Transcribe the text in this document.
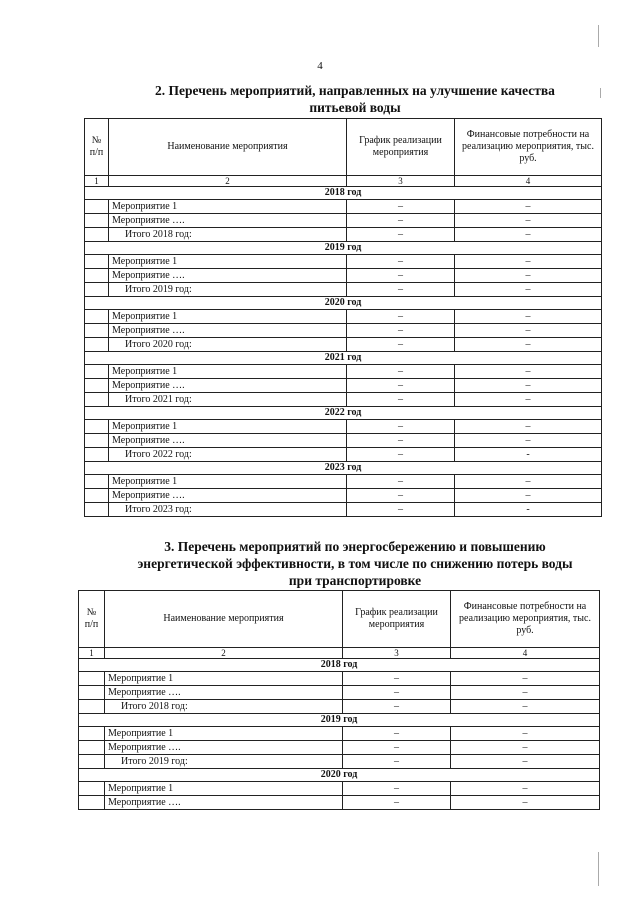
4
2. Перечень мероприятий, направленных на улучшение качества
питьевой воды
№ п/п	Наименование мероприятия	График реализации мероприятия	Финансовые потребности на реализацию мероприятия, тыс. руб.
1	2	3	4
2018 год			
	Мероприятие 1	–	–
	Мероприятие ….	–	–
	Итого 2018 год:	–	–
2019 год			
	Мероприятие 1	–	–
	Мероприятие ….	–	–
	Итого 2019 год:	–	–
2020 год			
	Мероприятие 1	–	–
	Мероприятие ….	–	–
	Итого 2020 год:	–	–
2021 год			
	Мероприятие 1	–	–
	Мероприятие ….	–	–
	Итого 2021 год:	–	–
2022 год			
	Мероприятие 1	–	–
	Мероприятие ….	–	–
	Итого 2022 год:	–	-
2023 год			
	Мероприятие 1	–	–
	Мероприятие ….	–	–
	Итого 2023 год:	–	-
3. Перечень мероприятий по энергосбережению и повышению
энергетической эффективности, в том числе по снижению потерь воды
при транспортировке
№ п/п	Наименование мероприятия	График реализации мероприятия	Финансовые потребности на реализацию мероприятия, тыс. руб.
1	2	3	4
2018 год			
	Мероприятие 1	–	–
	Мероприятие ….	–	–
	Итого 2018 год:	–	–
2019 год			
	Мероприятие 1	–	–
	Мероприятие ….	–	–
	Итого 2019 год:	–	–
2020 год			
	Мероприятие 1	–	–
	Мероприятие ….	–	–
